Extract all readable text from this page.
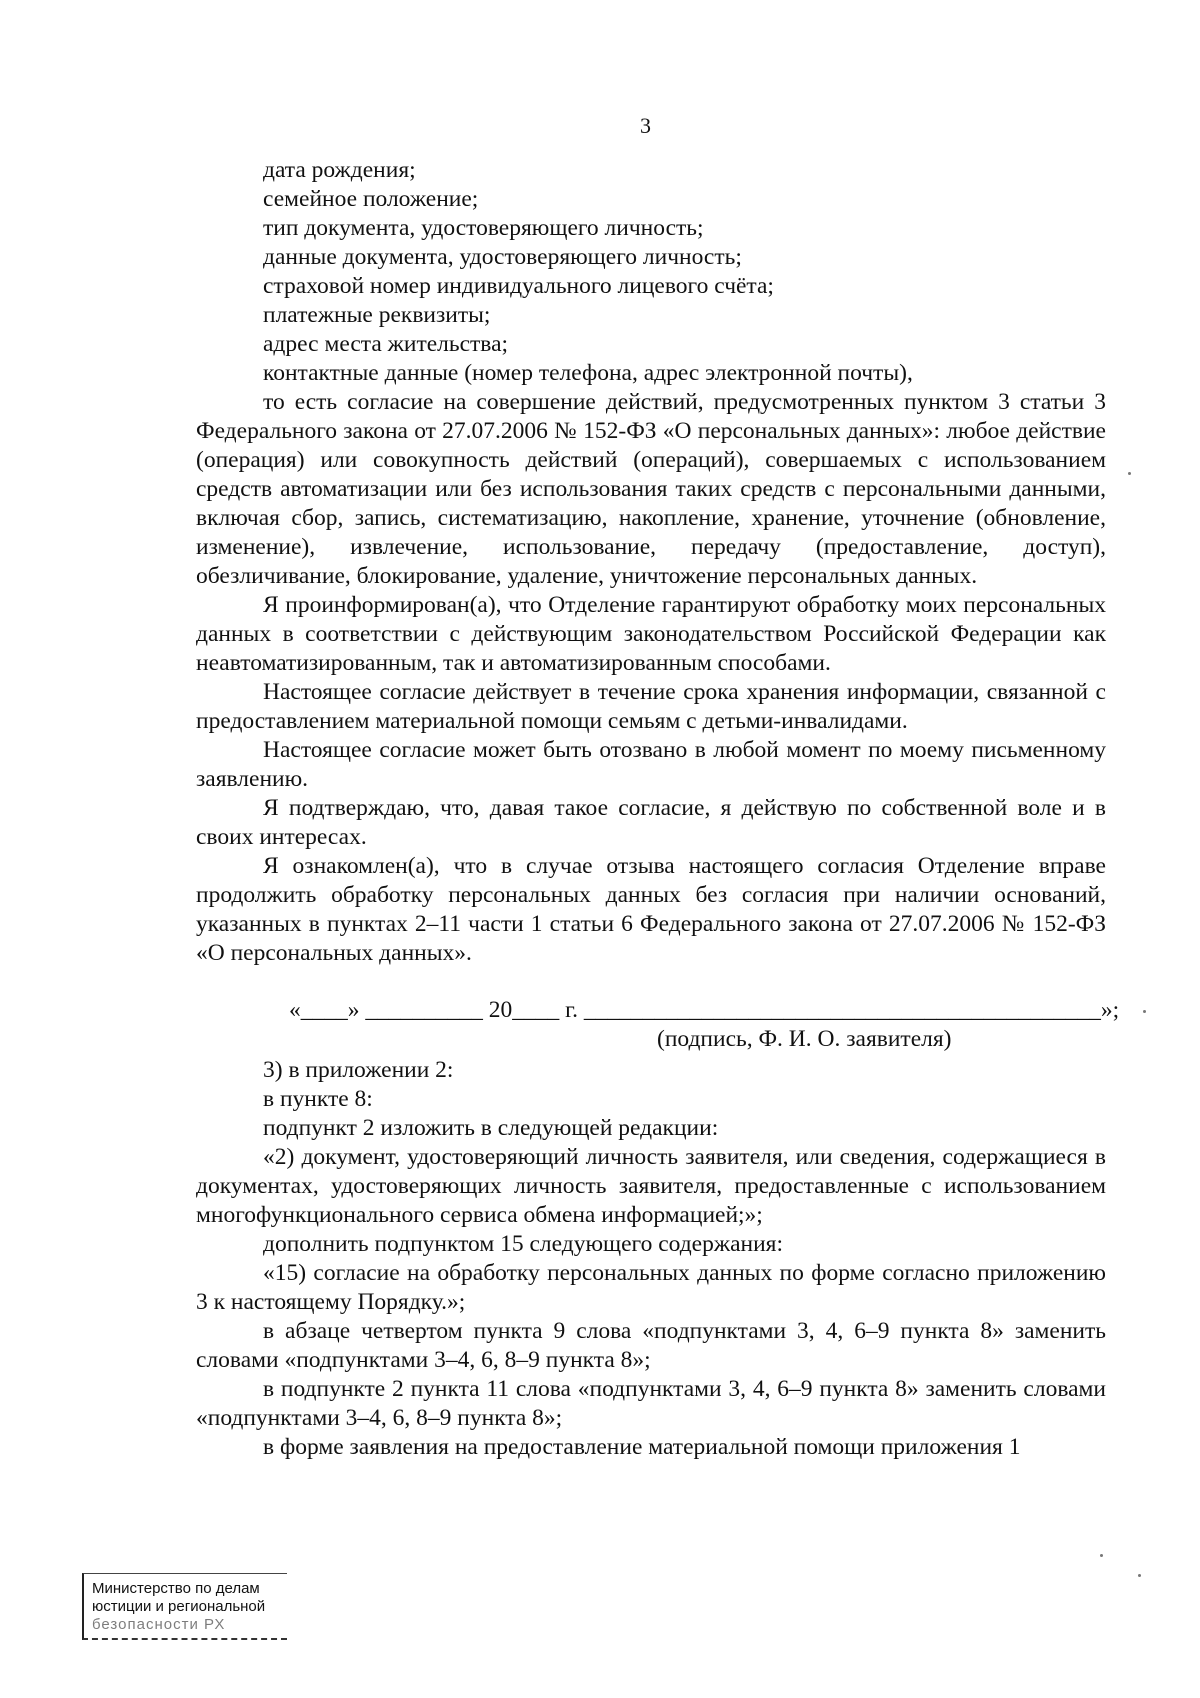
3
дата рождения;
семейное положение;
тип документа, удостоверяющего личность;
данные документа, удостоверяющего личность;
страховой номер индивидуального лицевого счёта;
платежные реквизиты;
адрес места жительства;
контактные данные (номер телефона, адрес электронной почты),

то есть согласие на совершение действий, предусмотренных пунктом 3 статьи 3 Федерального закона от 27.07.2006 № 152-ФЗ «О персональных данных»: любое действие (операция) или совокупность действий (операций), совершаемых с использованием средств автоматизации или без использования таких средств с персональными данными, включая сбор, запись, систематизацию, накопление, хранение, уточнение (обновление, изменение), извлечение, использование, передачу (предоставление, доступ), обезличивание, блокирование, удаление, уничтожение персональных данных.

Я проинформирован(а), что Отделение гарантируют обработку моих персональных данных в соответствии с действующим законодательством Российской Федерации как неавтоматизированным, так и автоматизированным способами.

Настоящее согласие действует в течение срока хранения информации, связанной с предоставлением материальной помощи семьям с детьми-инвалидами.

Настоящее согласие может быть отозвано в любой момент по моему письменному заявлению.

Я подтверждаю, что, давая такое согласие, я действую по собственной воле и в своих интересах.

Я ознакомлен(а), что в случае отзыва настоящего согласия Отделение вправе продолжить обработку персональных данных без согласия при наличии оснований, указанных в пунктах 2–11 части 1 статьи 6 Федерального закона от 27.07.2006 № 152-ФЗ «О персональных данных».

«____» __________ 20____ г. ____________________________________________»;
(подпись, Ф. И. О. заявителя)
3) в приложении 2:
в пункте 8:
подпункт 2 изложить в следующей редакции:

«2) документ, удостоверяющий личность заявителя, или сведения, содержащиеся в документах, удостоверяющих личность заявителя, предоставленные с использованием многофункционального сервиса обмена информацией;»;

дополнить подпунктом 15 следующего содержания:

«15) согласие на обработку персональных данных по форме согласно приложению 3 к настоящему Порядку.»;

в абзаце четвертом пункта 9 слова «подпунктами 3, 4, 6–9 пункта 8» заменить словами «подпунктами 3–4, 6, 8–9 пункта 8»;

в подпункте 2 пункта 11 слова «подпунктами 3, 4, 6–9 пункта 8» заменить словами «подпунктами 3–4, 6, 8–9 пункта 8»;

в форме заявления на предоставление материальной помощи приложения 1

Министерство по делам
юстиции и региональной
безопасности РХ
